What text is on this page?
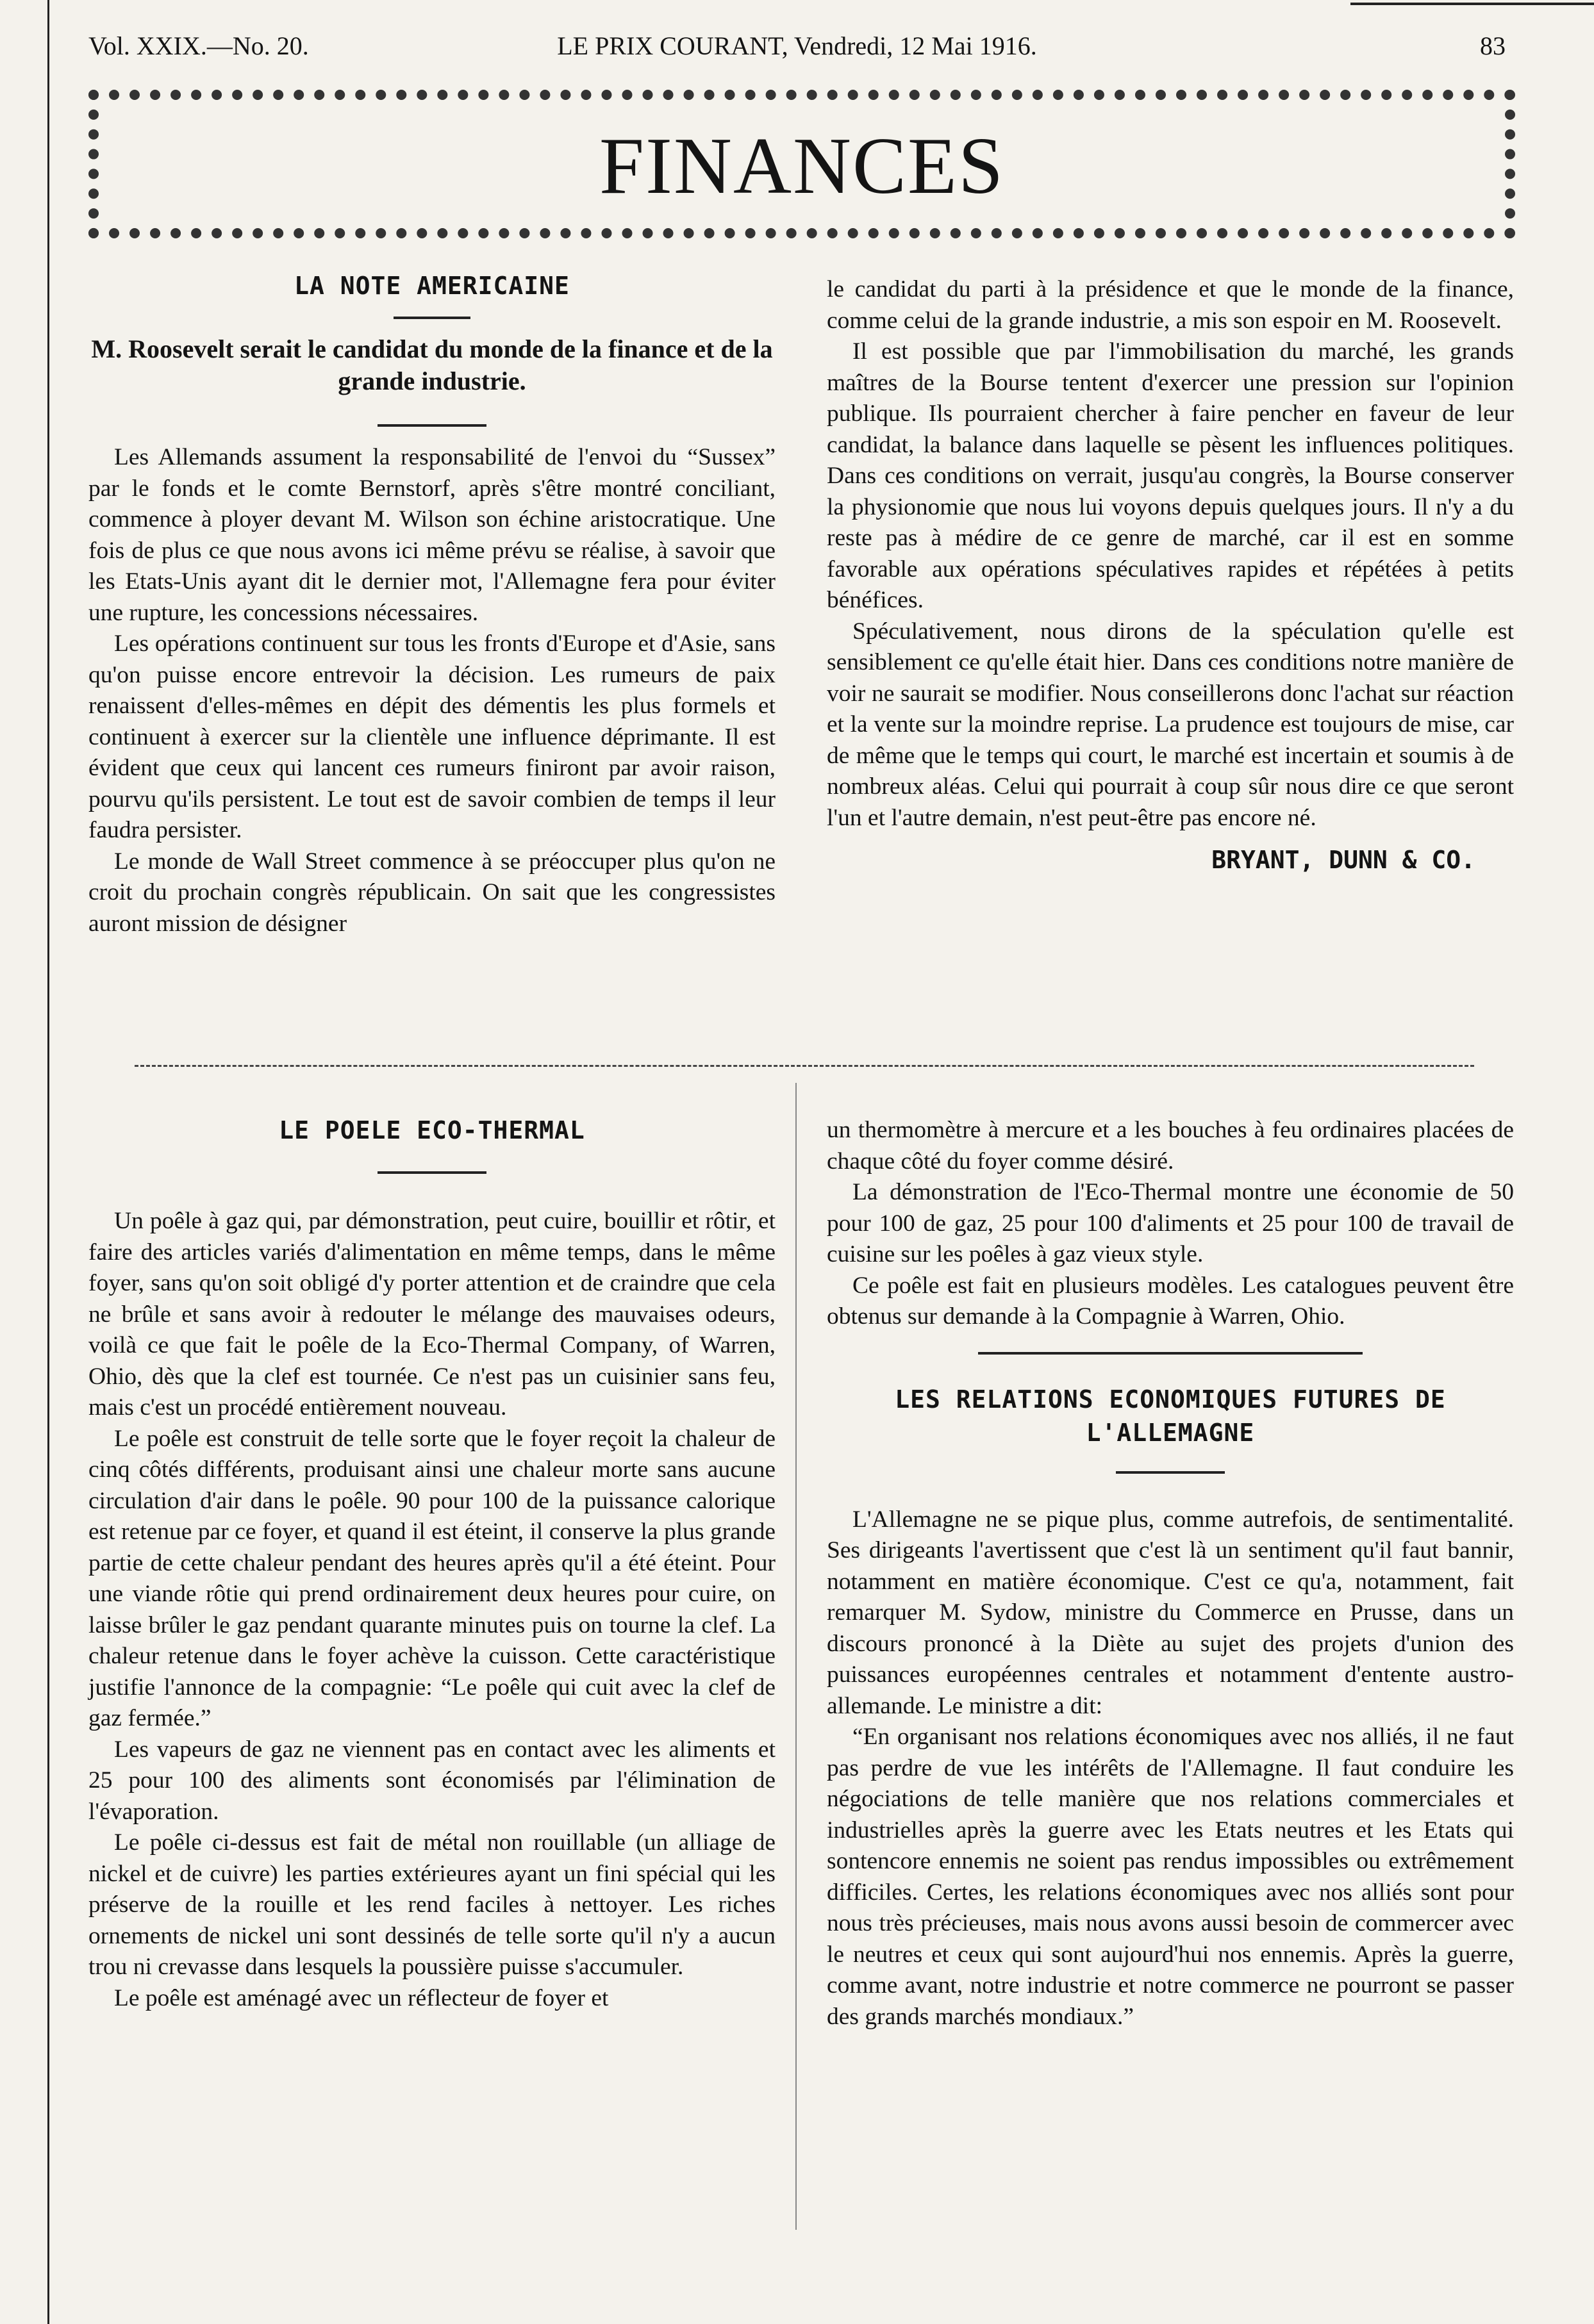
Vol. XXIX.—No. 20.	LE PRIX COURANT, Vendredi, 12 Mai 1916.	83
FINANCES
LA NOTE AMERICAINE

M. Roosevelt serait le candidat du monde de la finance et de la grande industrie.

Les Allemands assument la responsabilité de l'envoi du “Sussex” par le fonds et le comte Bernstorf, après s'être montré conciliant, commence à ployer devant M. Wilson son échine aristocratique. Une fois de plus ce que nous avons ici même prévu se réalise, à savoir que les Etats-Unis ayant dit le dernier mot, l'Allemagne fera pour éviter une rupture, les concessions nécessaires.

Les opérations continuent sur tous les fronts d'Europe et d'Asie, sans qu'on puisse encore entrevoir la décision. Les rumeurs de paix renaissent d'elles-mêmes en dépit des démentis les plus formels et continuent à exercer sur la clientèle une influence déprimante. Il est évident que ceux qui lancent ces rumeurs finiront par avoir raison, pourvu qu'ils persistent. Le tout est de savoir combien de temps il leur faudra persister.

Le monde de Wall Street commence à se préoccuper plus qu'on ne croit du prochain congrès républicain. On sait que les congressistes auront mission de désigner

le candidat du parti à la présidence et que le monde de la finance, comme celui de la grande industrie, a mis son espoir en M. Roosevelt.

Il est possible que par l'immobilisation du marché, les grands maîtres de la Bourse tentent d'exercer une pression sur l'opinion publique. Ils pourraient chercher à faire pencher en faveur de leur candidat, la balance dans laquelle se pèsent les influences politiques. Dans ces conditions on verrait, jusqu'au congrès, la Bourse conserver la physionomie que nous lui voyons depuis quelques jours. Il n'y a du reste pas à médire de ce genre de marché, car il est en somme favorable aux opérations spéculatives rapides et répétées à petits bénéfices.

Spéculativement, nous dirons de la spéculation qu'elle est sensiblement ce qu'elle était hier. Dans ces conditions notre manière de voir ne saurait se modifier. Nous conseillerons donc l'achat sur réaction et la vente sur la moindre reprise. La prudence est toujours de mise, car de même que le temps qui court, le marché est incertain et soumis à de nombreux aléas. Celui qui pourrait à coup sûr nous dire ce que seront l'un et l'autre demain, n'est peut-être pas encore né.

BRYANT, DUNN & CO.
LE POELE ECO-THERMAL

Un poêle à gaz qui, par démonstration, peut cuire, bouillir et rôtir, et faire des articles variés d'alimentation en même temps, dans le même foyer, sans qu'on soit obligé d'y porter attention et de craindre que cela ne brûle et sans avoir à redouter le mélange des mauvaises odeurs, voilà ce que fait le poêle de la Eco-Thermal Company, of Warren, Ohio, dès que la clef est tournée. Ce n'est pas un cuisinier sans feu, mais c'est un procédé entièrement nouveau.

Le poêle est construit de telle sorte que le foyer reçoit la chaleur de cinq côtés différents, produisant ainsi une chaleur morte sans aucune circulation d'air dans le poêle. 90 pour 100 de la puissance calorique est retenue par ce foyer, et quand il est éteint, il conserve la plus grande partie de cette chaleur pendant des heures après qu'il a été éteint. Pour une viande rôtie qui prend ordinairement deux heures pour cuire, on laisse brûler le gaz pendant quarante minutes puis on tourne la clef. La chaleur retenue dans le foyer achève la cuisson. Cette caractéristique justifie l'annonce de la compagnie: “Le poêle qui cuit avec la clef de gaz fermée.”

Les vapeurs de gaz ne viennent pas en contact avec les aliments et 25 pour 100 des aliments sont économisés par l'élimination de l'évaporation.

Le poêle ci-dessus est fait de métal non rouillable (un alliage de nickel et de cuivre) les parties extérieures ayant un fini spécial qui les préserve de la rouille et les rend faciles à nettoyer. Les riches ornements de nickel uni sont dessinés de telle sorte qu'il n'y a aucun trou ni crevasse dans lesquels la poussière puisse s'accumuler.

Le poêle est aménagé avec un réflecteur de foyer et

un thermomètre à mercure et a les bouches à feu ordinaires placées de chaque côté du foyer comme désiré.

La démonstration de l'Eco-Thermal montre une économie de 50 pour 100 de gaz, 25 pour 100 d'aliments et 25 pour 100 de travail de cuisine sur les poêles à gaz vieux style.

Ce poêle est fait en plusieurs modèles. Les catalogues peuvent être obtenus sur demande à la Compagnie à Warren, Ohio.

LES RELATIONS ECONOMIQUES FUTURES DE L'ALLEMAGNE

L'Allemagne ne se pique plus, comme autrefois, de sentimentalité. Ses dirigeants l'avertissent que c'est là un sentiment qu'il faut bannir, notamment en matière économique. C'est ce qu'a, notamment, fait remarquer M. Sydow, ministre du Commerce en Prusse, dans un discours prononcé à la Diète au sujet des projets d'union des puissances européennes centrales et notamment d'entente austro-allemande. Le ministre a dit:

“En organisant nos relations économiques avec nos alliés, il ne faut pas perdre de vue les intérêts de l'Allemagne. Il faut conduire les négociations de telle manière que nos relations commerciales et industrielles après la guerre avec les Etats neutres et les Etats qui sontencore ennemis ne soient pas rendus impossibles ou extrêmement difficiles. Certes, les relations économiques avec nos alliés sont pour nous très précieuses, mais nous avons aussi besoin de commercer avec le neutres et ceux qui sont aujourd'hui nos ennemis. Après la guerre, comme avant, notre industrie et notre commerce ne pourront se passer des grands marchés mondiaux.”
